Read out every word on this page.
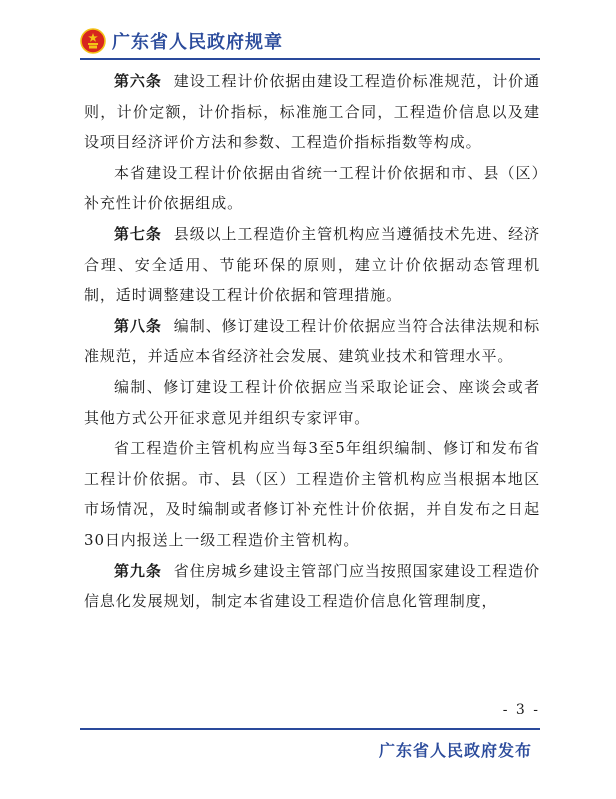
广东省人民政府规章

第六条 建设工程计价依据由建设工程造价标准规范，计价通则，计价定额，计价指标，标准施工合同，工程造价信息以及建设项目经济评价方法和参数、工程造价指标指数等构成。

本省建设工程计价依据由省统一工程计价依据和市、县（区）补充性计价依据组成。

第七条 县级以上工程造价主管机构应当遵循技术先进、经济合理、安全适用、节能环保的原则，建立计价依据动态管理机制，适时调整建设工程计价依据和管理措施。

第八条 编制、修订建设工程计价依据应当符合法律法规和标准规范，并适应本省经济社会发展、建筑业技术和管理水平。

编制、修订建设工程计价依据应当采取论证会、座谈会或者其他方式公开征求意见并组织专家评审。

省工程造价主管机构应当每3至5年组织编制、修订和发布省工程计价依据。市、县（区）工程造价主管机构应当根据本地区市场情况，及时编制或者修订补充性计价依据，并自发布之日起30日内报送上一级工程造价主管机构。

第九条 省住房城乡建设主管部门应当按照国家建设工程造价信息化发展规划，制定本省建设工程造价信息化管理制度，

- 3 -
广东省人民政府发布
